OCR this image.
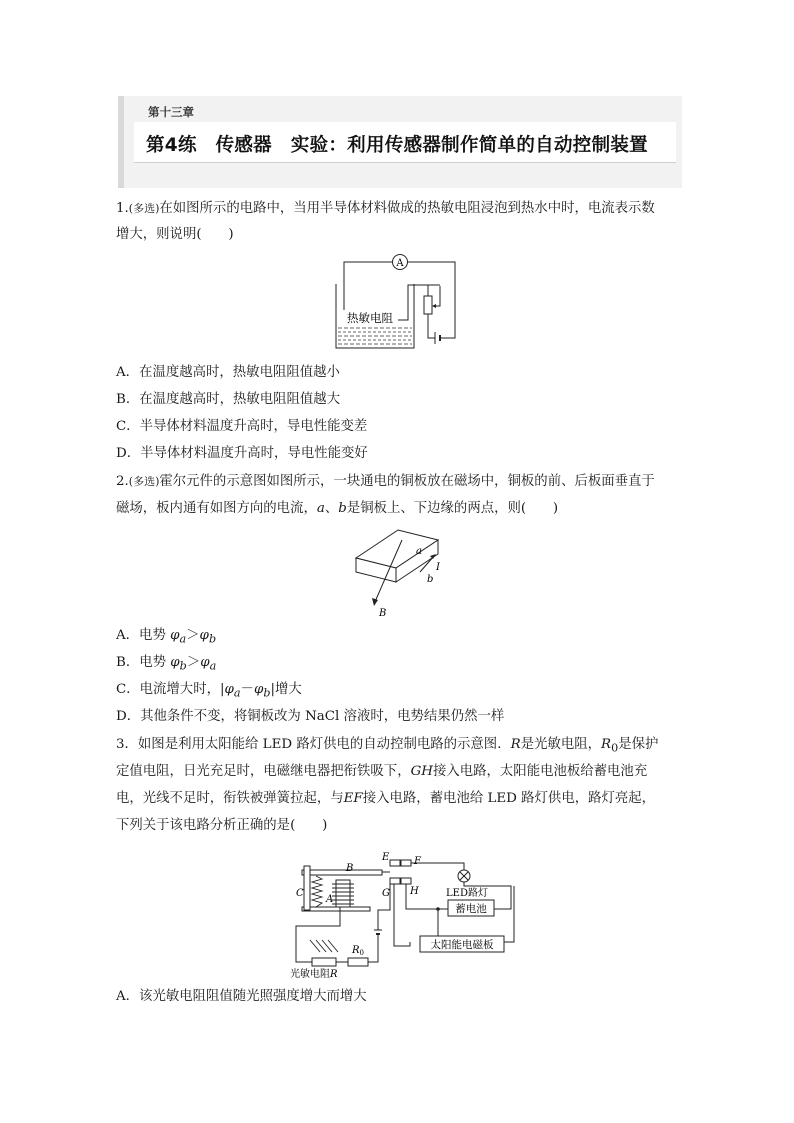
第十三章
第4练　传感器　实验：利用传感器制作简单的自动控制装置
1.(多选)在如图所示的电路中，当用半导体材料做成的热敏电阻浸泡到热水中时，电流表示数
增大，则说明(　　)
A
热敏电阻
A．在温度越高时，热敏电阻阻值越小
B．在温度越高时，热敏电阻阻值越大
C．半导体材料温度升高时，导电性能变差
D．半导体材料温度升高时，导电性能变好
2.(多选)霍尔元件的示意图如图所示，一块通电的铜板放在磁场中，铜板的前、后板面垂直于
磁场，板内通有如图方向的电流，a、b是铜板上、下边缘的两点，则(　　)
a
b
I
B
A．电势 $\varphi_a>\varphi_b$
B．电势 $\varphi_b>\varphi_a$
C．电流增大时，$|\varphi_a-\varphi_b|$增大
D．其他条件不变，将铜板改为 NaCl 溶液时，电势结果仍然一样
3．如图是利用太阳能给 LED 路灯供电的自动控制电路的示意图．R是光敏电阻，$R_0$是保护
定值电阻，日光充足时，电磁继电器把衔铁吸下，GH接入电路，太阳能电池板给蓄电池充
电，光线不足时，衔铁被弹簧拉起，与EF接入电路，蓄电池给 LED 路灯供电，路灯亮起，
下列关于该电路分析正确的是(　　)
B
C
A
E F
G H
$R_0$
光敏电阻R
LED路灯
蓄电池
太阳能电磁板
A．该光敏电阻阻值随光照强度增大而增大
